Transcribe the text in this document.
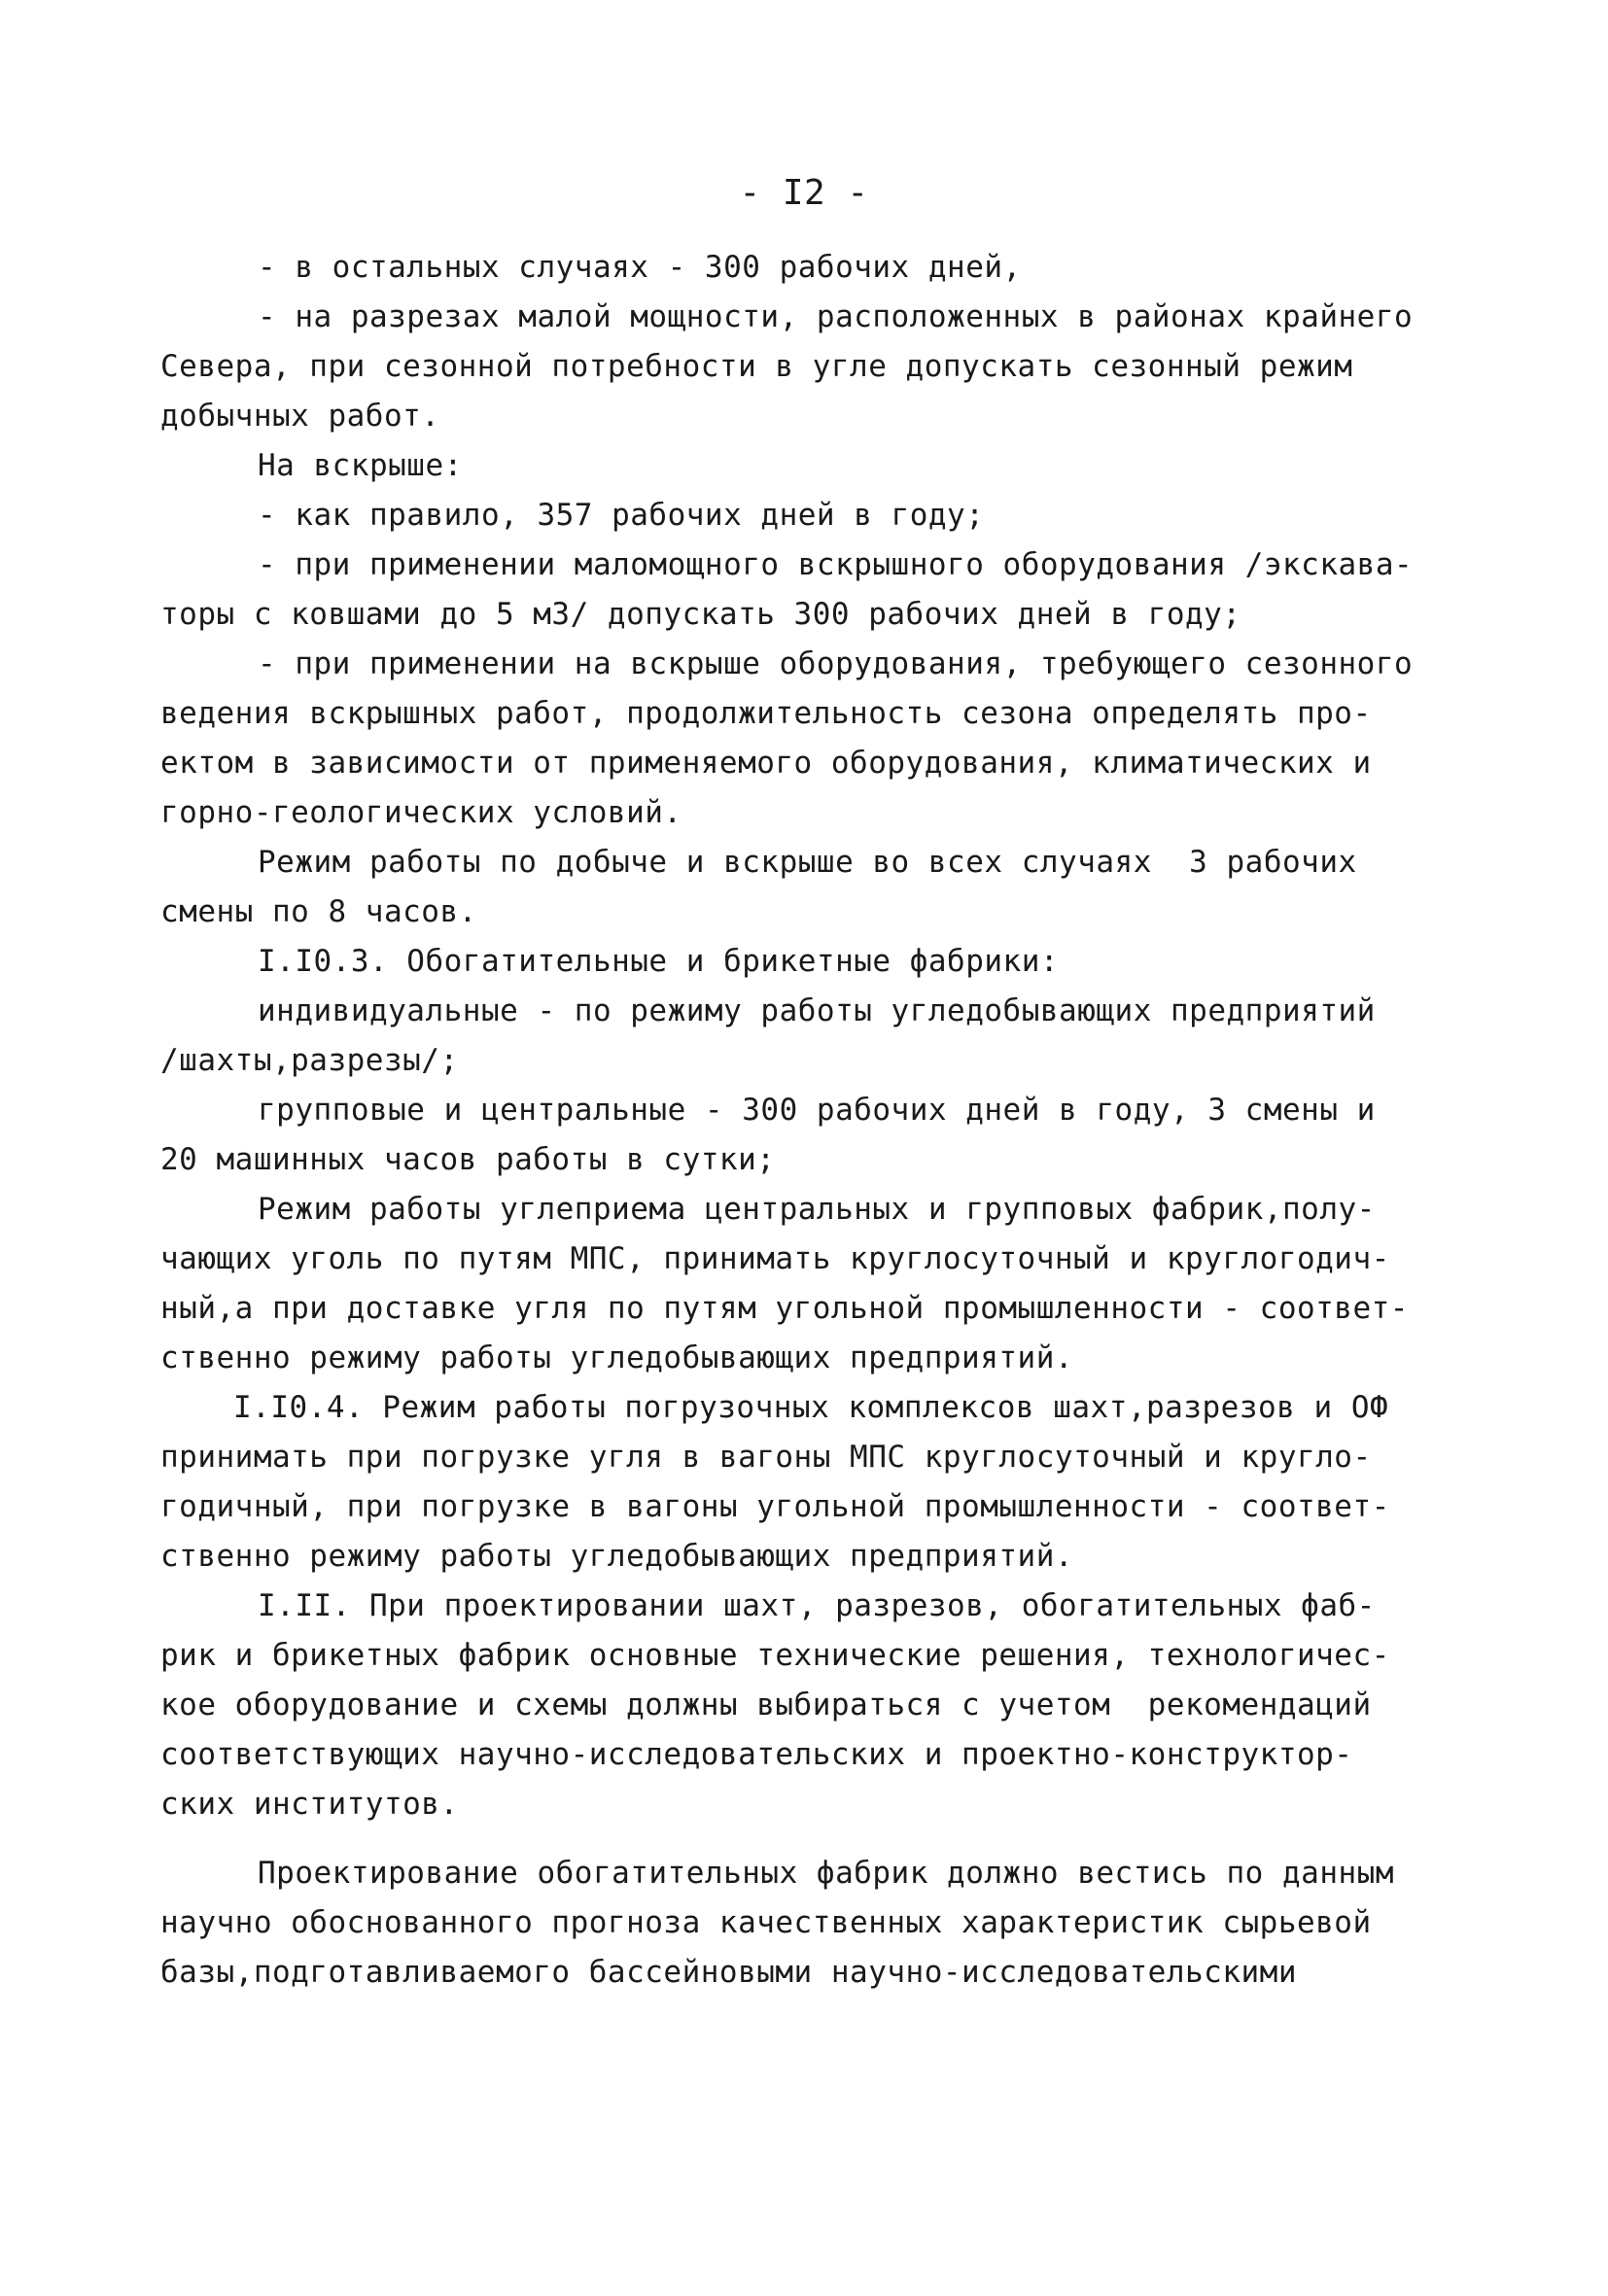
- I2 -
- в остальных случаях - 300 рабочих дней,
- на разрезах малой мощности, расположенных в районах крайнего
Севера, при сезонной потребности в угле допускать сезонный режим
добычных работ.
На вскрыше:
- как правило, 357 рабочих дней в году;
- при применении маломощного вскрышного оборудования /экскава-
торы с ковшами до 5 м3/ допускать 300 рабочих дней в году;
- при применении на вскрыше оборудования, требующего сезонного
ведения вскрышных работ, продолжительность сезона определять про-
ектом в зависимости от применяемого оборудования, климатических и
горно-геологических условий.
Режим работы по добыче и вскрыше во всех случаях  3 рабочих
смены по 8 часов.
I.I0.3. Обогатительные и брикетные фабрики:
индивидуальные - по режиму работы угледобывающих предприятий
/шахты,разрезы/;
групповые и центральные - 300 рабочих дней в году, 3 смены и
20 машинных часов работы в сутки;
Режим работы углеприема центральных и групповых фабрик,полу-
чающих уголь по путям МПС, принимать круглосуточный и круглогодич-
ный,а при доставке угля по путям угольной промышленности - соответ-
ственно режиму работы угледобывающих предприятий.
I.I0.4. Режим работы погрузочных комплексов шахт,разрезов и ОФ
принимать при погрузке угля в вагоны МПС круглосуточный и кругло-
годичный, при погрузке в вагоны угольной промышленности - соответ-
ственно режиму работы угледобывающих предприятий.
I.II. При проектировании шахт, разрезов, обогатительных фаб-
рик и брикетных фабрик основные технические решения, технологичес-
кое оборудование и схемы должны выбираться с учетом  рекомендаций
соответствующих научно-исследовательских и проектно-конструктор-
ских институтов.
Проектирование обогатительных фабрик должно вестись по данным
научно обоснованного прогноза качественных характеристик сырьевой
базы,подготавливаемого бассейновыми научно-исследовательскими
